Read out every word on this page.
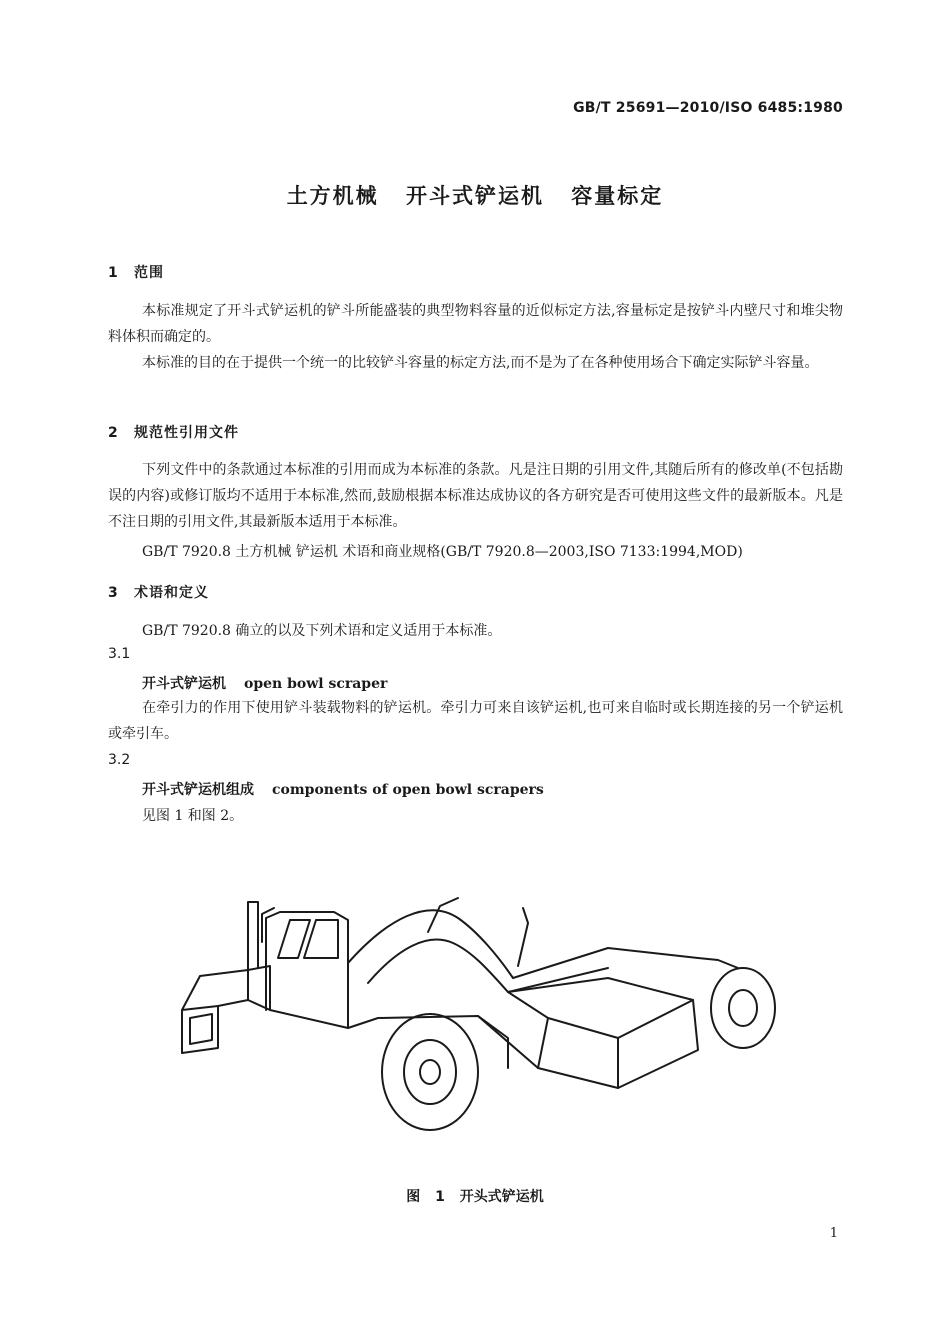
GB/T 25691—2010/ISO 6485:1980
土方机械 开斗式铲运机 容量标定
1 范围

本标准规定了开斗式铲运机的铲斗所能盛装的典型物料容量的近似标定方法,容量标定是按铲斗内壁尺寸和堆尖物料体积而确定的。

本标准的目的在于提供一个统一的比较铲斗容量的标定方法,而不是为了在各种使用场合下确定实际铲斗容量。

2 规范性引用文件

下列文件中的条款通过本标准的引用而成为本标准的条款。凡是注日期的引用文件,其随后所有的修改单(不包括勘误的内容)或修订版均不适用于本标准,然而,鼓励根据本标准达成协议的各方研究是否可使用这些文件的最新版本。凡是不注日期的引用文件,其最新版本适用于本标准。

GB/T 7920.8 土方机械 铲运机 术语和商业规格(GB/T 7920.8—2003,ISO 7133:1994,MOD)
3 术语和定义
GB/T 7920.8 确立的以及下列术语和定义适用于本标准。
3.1
开斗式铲运机 open bowl scraper

在牵引力的作用下使用铲斗装载物料的铲运机。牵引力可来自该铲运机,也可来自临时或长期连接的另一个铲运机或牵引车。

3.2
开斗式铲运机组成 components of open bowl scrapers
见图 1 和图 2。
图 1 开头式铲运机
1
